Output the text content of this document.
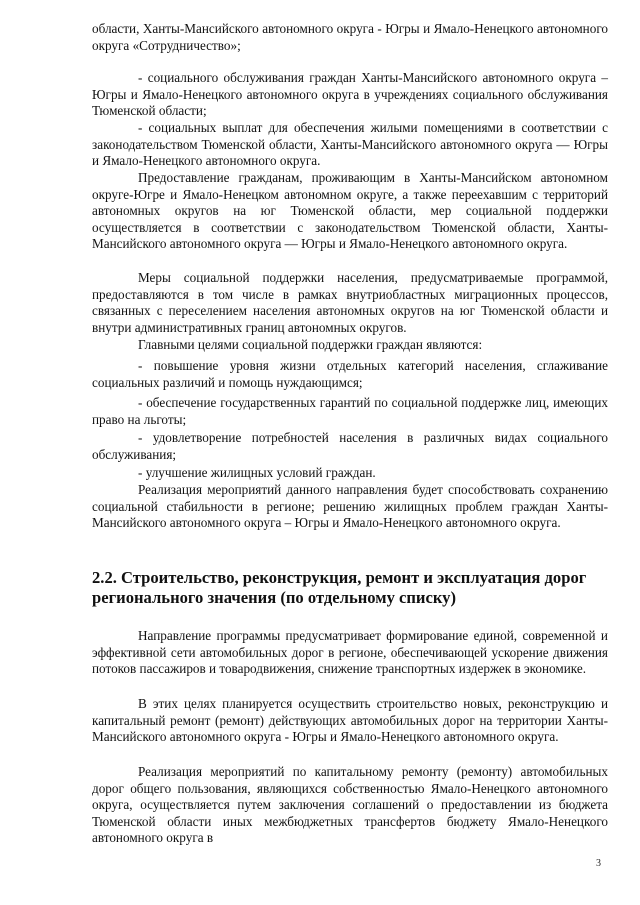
области, Ханты-Мансийского автономного округа - Югры и Ямало-Ненецкого автономного округа «Сотрудничество»;

- социального обслуживания граждан Ханты-Мансийского автономного округа – Югры и Ямало-Ненецкого автономного округа в учреждениях социального обслуживания Тюменской области;

- социальных выплат для обеспечения жилыми помещениями в соответствии с законодательством Тюменской области, Ханты-Мансийского автономного округа — Югры и Ямало-Ненецкого автономного округа.

Предоставление гражданам, проживающим в Ханты-Мансийском автономном округе-Югре и Ямало-Ненецком автономном округе, а также переехавшим с территорий автономных округов на юг Тюменской области, мер социальной поддержки осуществляется в соответствии с законодательством Тюменской области, Ханты-Мансийского автономного округа — Югры и Ямало-Ненецкого автономного округа.

Меры социальной поддержки населения, предусматриваемые программой, предоставляются в том числе в рамках внутриобластных миграционных процессов, связанных с переселением населения автономных округов на юг Тюменской области и внутри административных границ автономных округов.

Главными целями социальной поддержки граждан являются:

- повышение уровня жизни отдельных категорий населения, сглаживание социальных различий и помощь нуждающимся;

- обеспечение государственных гарантий по социальной поддержке лиц, имеющих право на льготы;

- удовлетворение потребностей населения в различных видах социального обслуживания;

- улучшение жилищных условий граждан.

Реализация мероприятий данного направления будет способствовать сохранению социальной стабильности в регионе; решению жилищных проблем граждан Ханты-Мансийского автономного округа – Югры и Ямало-Ненецкого автономного округа.

2.2. Строительство, реконструкция, ремонт и эксплуатация дорог регионального значения (по отдельному списку)

Направление программы предусматривает формирование единой, современной и эффективной сети автомобильных дорог в регионе, обеспечивающей ускорение движения потоков пассажиров и товародвижения, снижение транспортных издержек в экономике.

В этих целях планируется осуществить строительство новых, реконструкцию и капитальный ремонт (ремонт) действующих автомобильных дорог на территории Ханты-Мансийского автономного округа - Югры и Ямало-Ненецкого автономного округа.

Реализация мероприятий по капитальному ремонту (ремонту) автомобильных дорог общего пользования, являющихся собственностью Ямало-Ненецкого автономного округа, осуществляется путем заключения соглашений о предоставлении из бюджета Тюменской области иных межбюджетных трансфертов бюджету Ямало-Ненецкого автономного округа в

3
